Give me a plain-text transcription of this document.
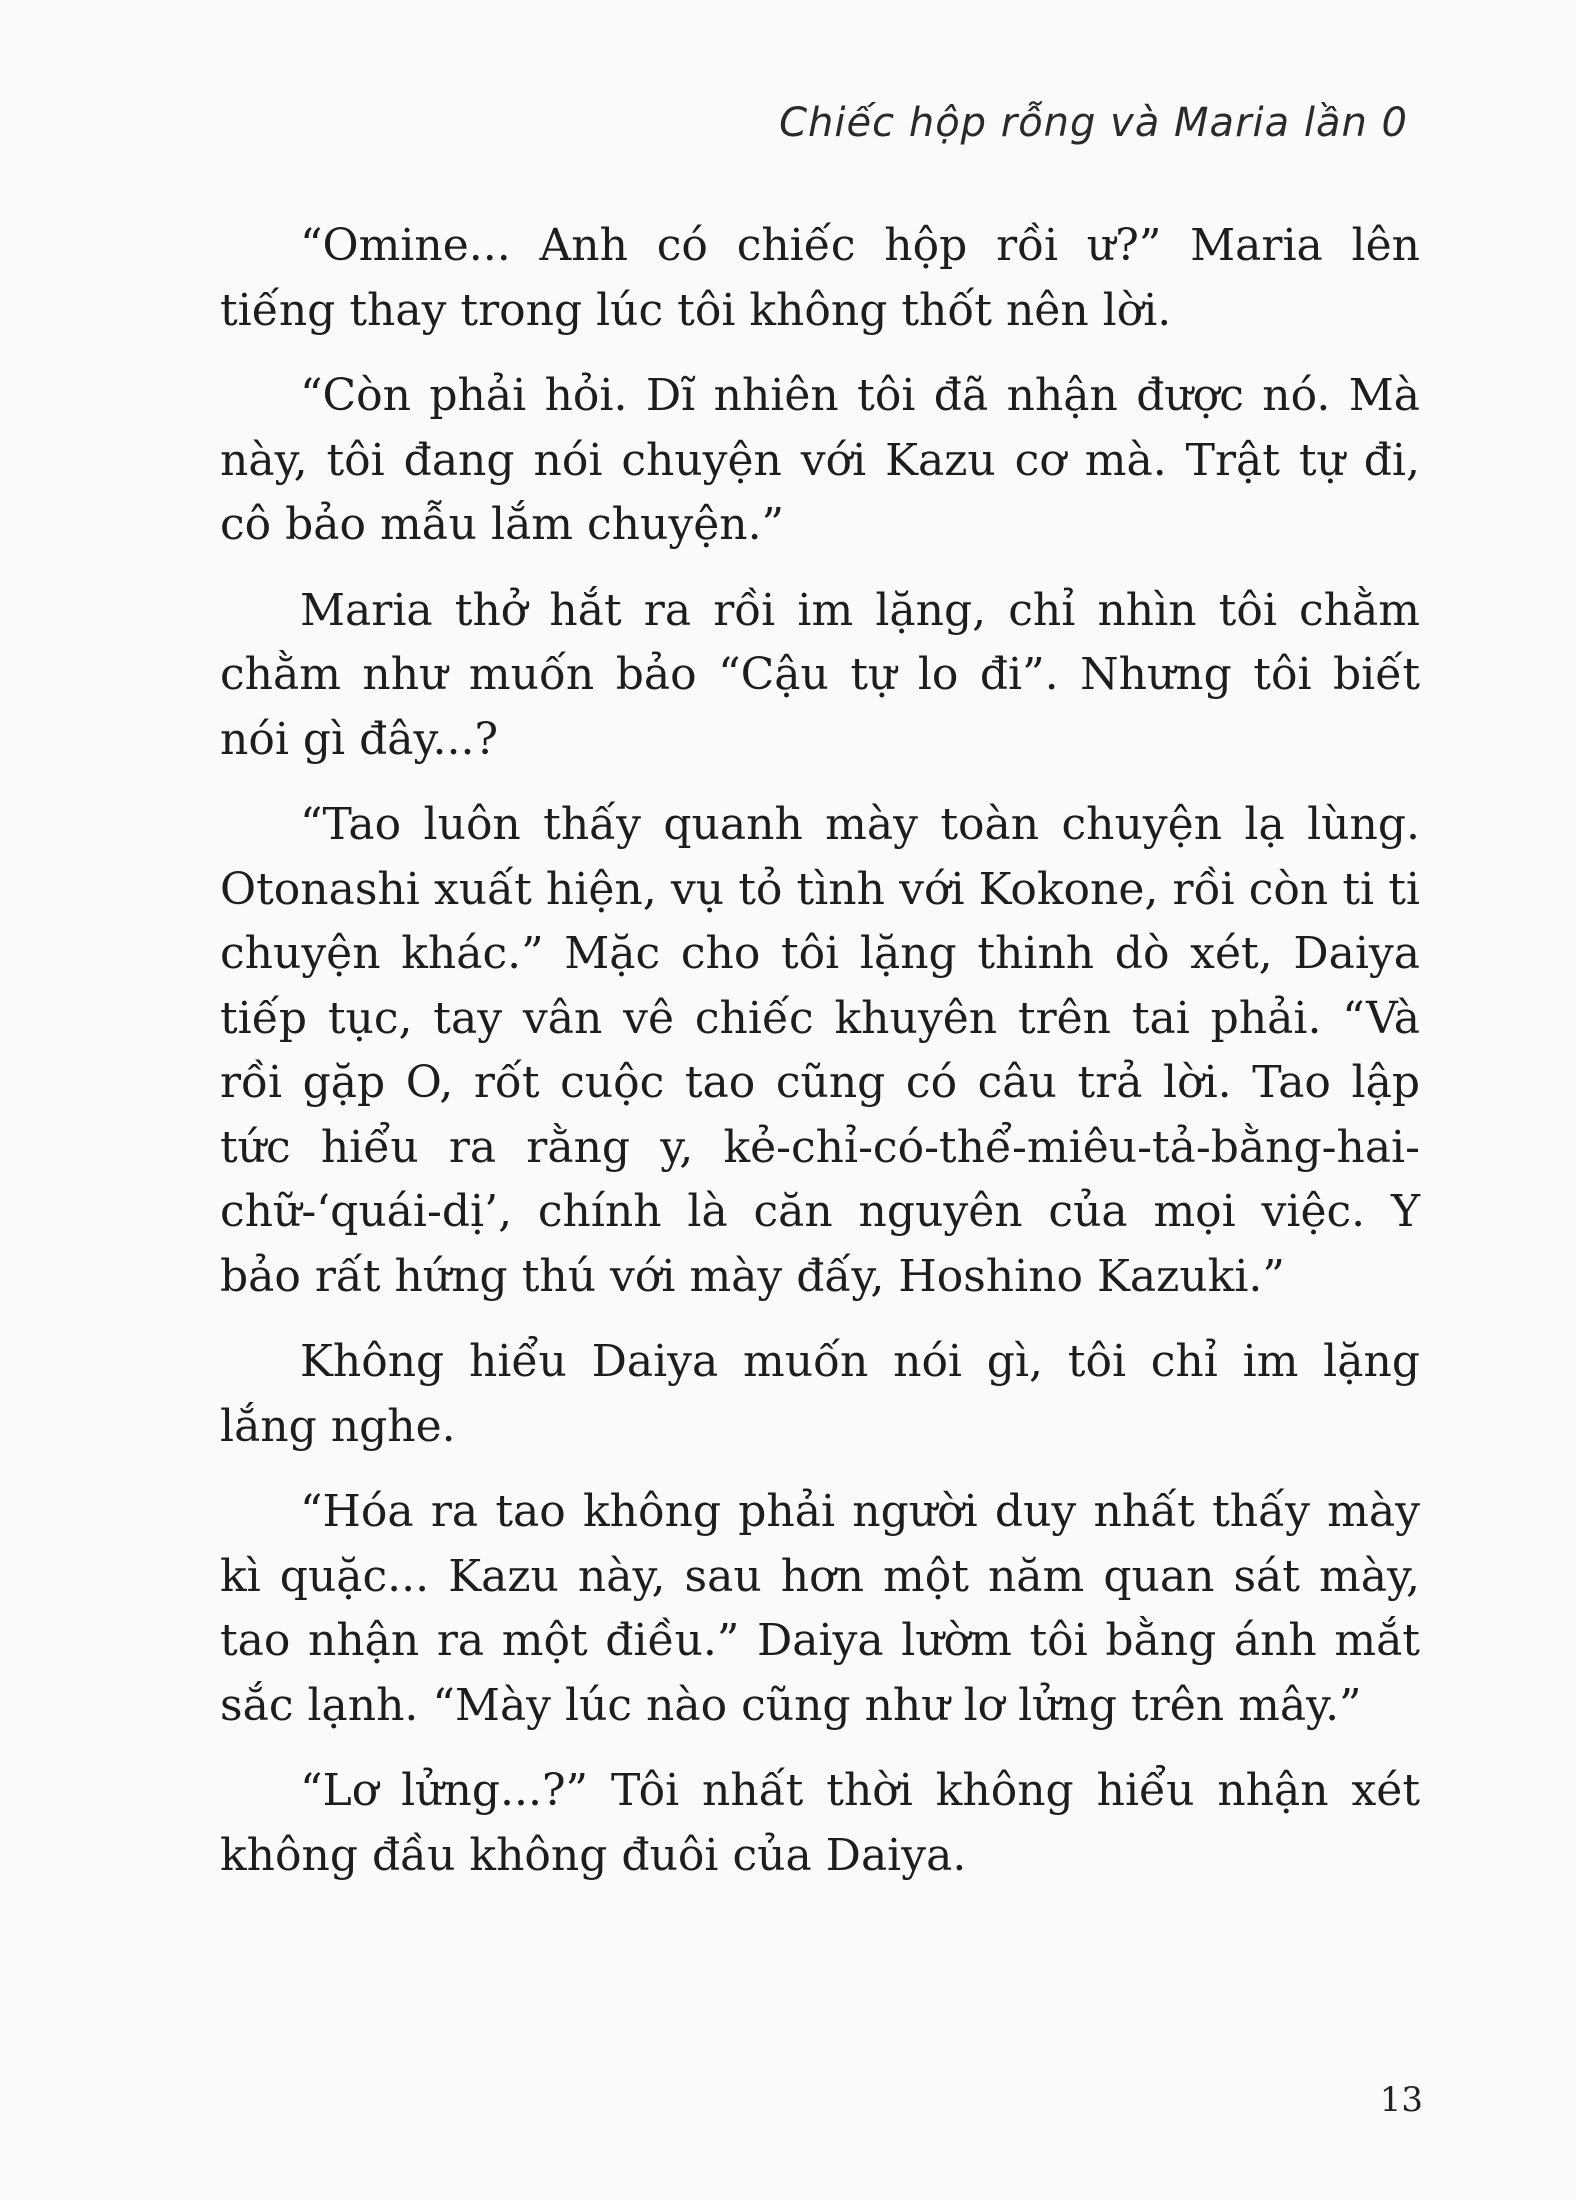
Chiếc hộp rỗng và Maria lần 0

“Omine... Anh có chiếc hộp rồi ư?” Maria lên tiếng thay trong lúc tôi không thốt nên lời.

“Còn phải hỏi. Dĩ nhiên tôi đã nhận được nó. Mà này, tôi đang nói chuyện với Kazu cơ mà. Trật tự đi, cô bảo mẫu lắm chuyện.”

Maria thở hắt ra rồi im lặng, chỉ nhìn tôi chằm chằm như muốn bảo “Cậu tự lo đi”. Nhưng tôi biết nói gì đây...?

“Tao luôn thấy quanh mày toàn chuyện lạ lùng. Otonashi xuất hiện, vụ tỏ tình với Kokone, rồi còn ti ti chuyện khác.” Mặc cho tôi lặng thinh dò xét, Daiya tiếp tục, tay vân vê chiếc khuyên trên tai phải. “Và rồi gặp O, rốt cuộc tao cũng có câu trả lời. Tao lập tức hiểu ra rằng y, kẻ-chỉ-có-thể-miêu-tả-bằng-hai-chữ-‘quái-dị’, chính là căn nguyên của mọi việc. Y bảo rất hứng thú với mày đấy, Hoshino Kazuki.”

Không hiểu Daiya muốn nói gì, tôi chỉ im lặng lắng nghe.

“Hóa ra tao không phải người duy nhất thấy mày kì quặc... Kazu này, sau hơn một năm quan sát mày, tao nhận ra một điều.” Daiya lườm tôi bằng ánh mắt sắc lạnh. “Mày lúc nào cũng như lơ lửng trên mây.”

“Lơ lửng...?” Tôi nhất thời không hiểu nhận xét không đầu không đuôi của Daiya.

13
